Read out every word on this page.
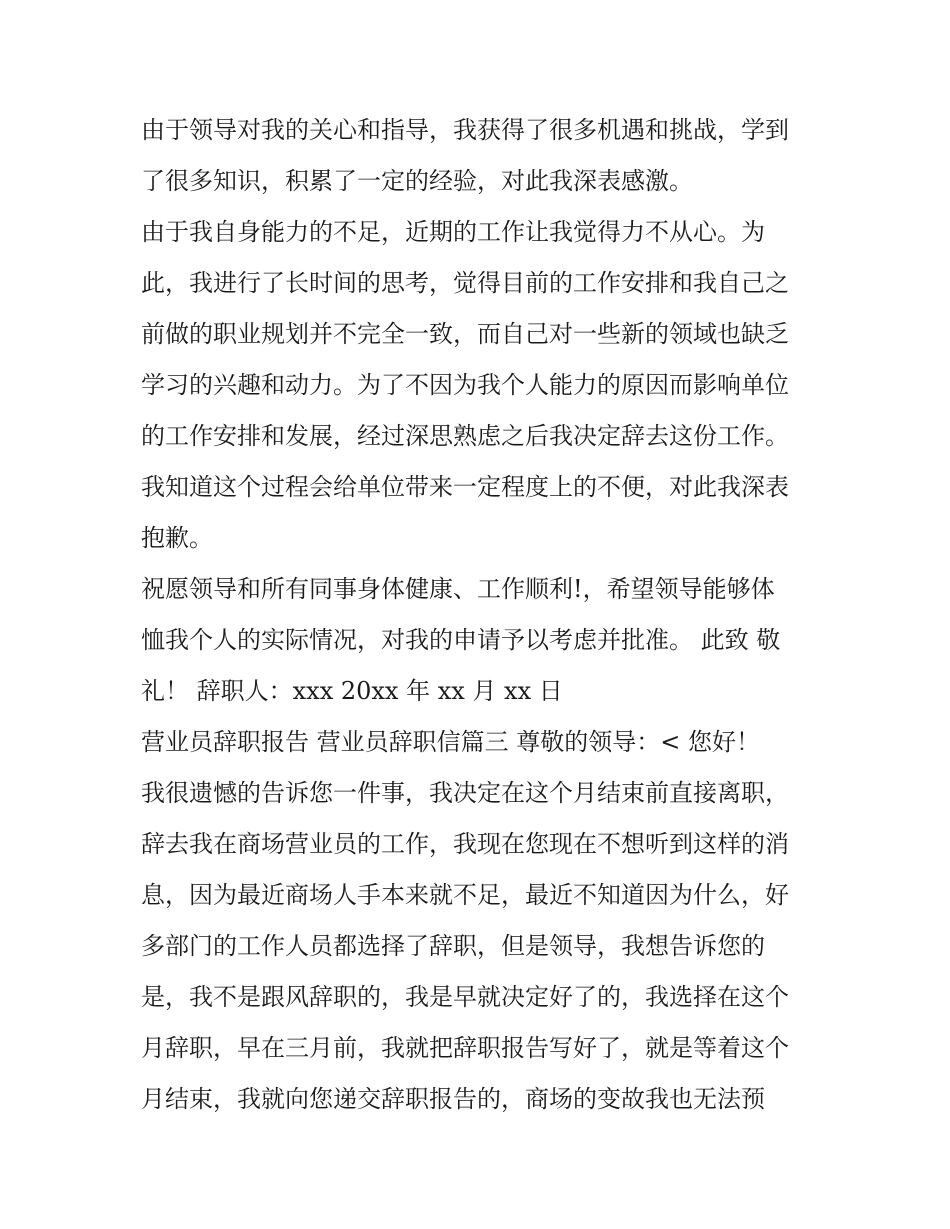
由于领导对我的关心和指导，我获得了很多机遇和挑战，学到
了很多知识，积累了一定的经验，对此我深表感激。
由于我自身能力的不足，近期的工作让我觉得力不从心。为
此，我进行了长时间的思考，觉得目前的工作安排和我自己之
前做的职业规划并不完全一致，而自己对一些新的领域也缺乏
学习的兴趣和动力。为了不因为我个人能力的原因而影响单位
的工作安排和发展，经过深思熟虑之后我决定辞去这份工作。
我知道这个过程会给单位带来一定程度上的不便，对此我深表
抱歉。
祝愿领导和所有同事身体健康、工作顺利!，希望领导能够体
恤我个人的实际情况，对我的申请予以考虑并批准。 此致 敬
礼！ 辞职人：xxx 20xx 年 xx 月 xx 日
营业员辞职报告 营业员辞职信篇三 尊敬的领导：< 您好！
我很遗憾的告诉您一件事，我决定在这个月结束前直接离职，
辞去我在商场营业员的工作，我现在您现在不想听到这样的消
息，因为最近商场人手本来就不足，最近不知道因为什么，好
多部门的工作人员都选择了辞职，但是领导，我想告诉您的
是，我不是跟风辞职的，我是早就决定好了的，我选择在这个
月辞职，早在三月前，我就把辞职报告写好了，就是等着这个
月结束，我就向您递交辞职报告的，商场的变故我也无法预
